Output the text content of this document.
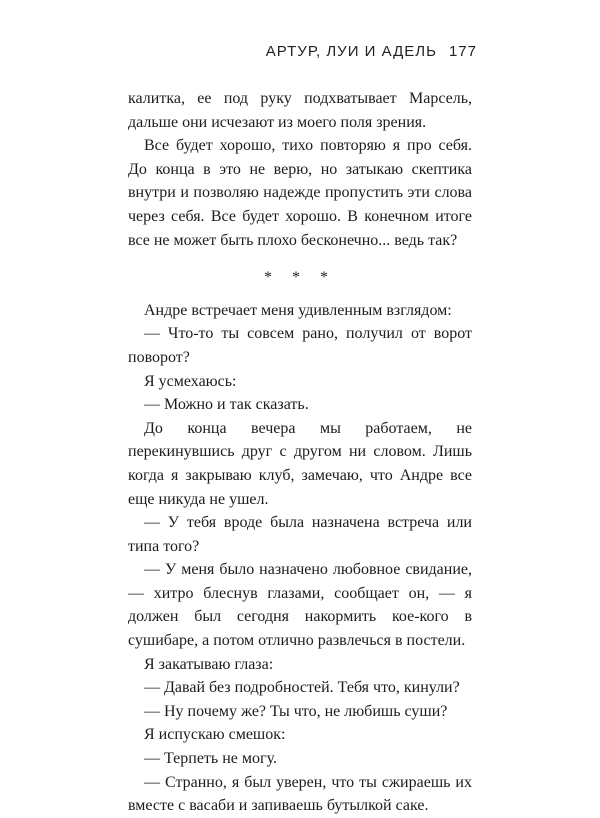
АРТУР, ЛУИ И АДЕЛЬ 177

калитка, ее под руку подхватывает Марсель, дальше они исчезают из моего поля зрения.

Все будет хорошо, тихо повторяю я про себя. До конца в это не верю, но затыкаю скептика внутри и позволяю надежде пропустить эти слова через себя. Все будет хорошо. В конечном итоге все не может быть плохо бесконечно... ведь так?

* * *

Андре встречает меня удивленным взглядом:

— Что-то ты совсем рано, получил от ворот поворот?

Я усмехаюсь:

— Можно и так сказать.

До конца вечера мы работаем, не перекинувшись друг с другом ни словом. Лишь когда я закрываю клуб, замечаю, что Андре все еще никуда не ушел.

— У тебя вроде была назначена встреча или типа того?

— У меня было назначено любовное свидание, — хитро блеснув глазами, сообщает он, — я должен был сегодня накормить кое-кого в сушибаре, а потом отлично развлечься в постели.

Я закатываю глаза:

— Давай без подробностей. Тебя что, кинули?

— Ну почему же? Ты что, не любишь суши?

Я испускаю смешок:

— Терпеть не могу.

— Странно, я был уверен, что ты сжираешь их вместе с васаби и запиваешь бутылкой саке.
